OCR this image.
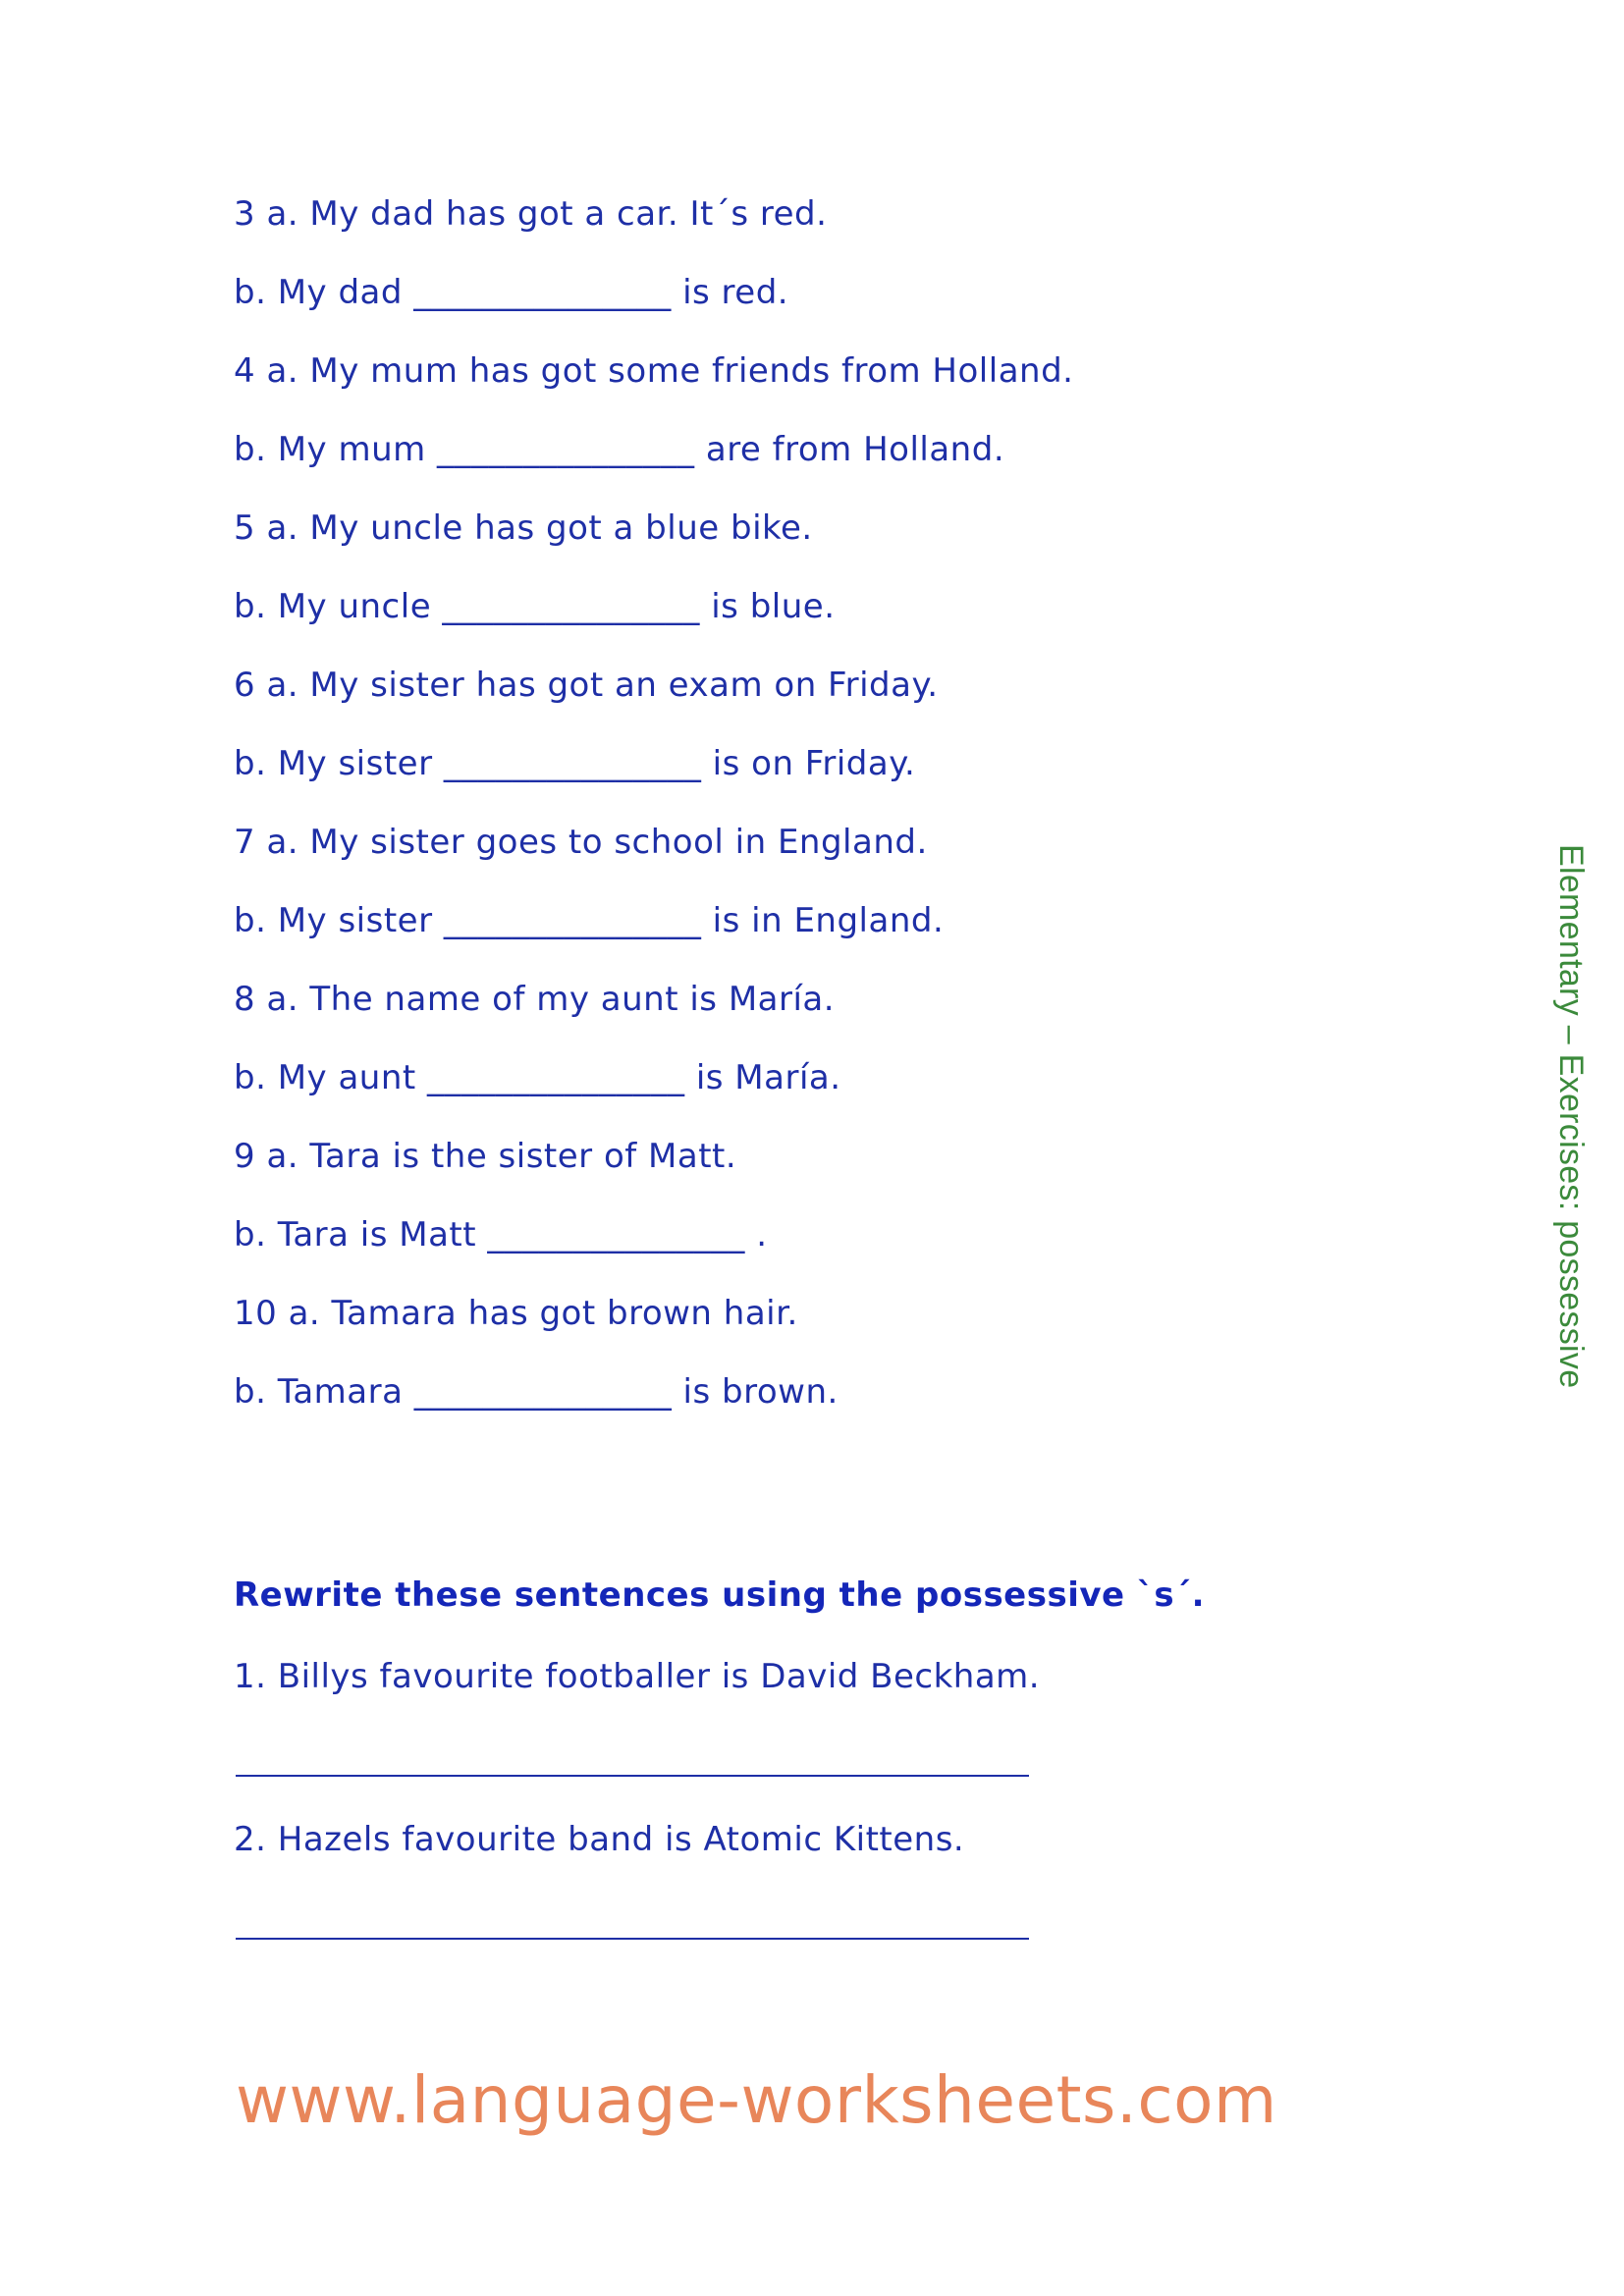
3 a. My dad has got a car. It´s red.

b. My dad _______________ is red.

4 a. My mum has got some friends from Holland.

b. My mum _______________ are from Holland.

5 a. My uncle has got a blue bike.

b. My uncle _______________ is blue.

6 a. My sister has got an exam on Friday.

b. My sister _______________ is on Friday.

7 a. My sister goes to school in England.

b. My sister _______________ is in England.

8 a. The name of my aunt is María.

b. My aunt _______________ is María.

9 a. Tara is the sister of Matt.

b. Tara is Matt _______________ .

10 a. Tamara has got brown hair.

b. Tamara _______________ is brown.

Rewrite these sentences using the possessive `s´.

1. Billys favourite footballer is David Beckham.

2. Hazels favourite band is Atomic Kittens.

Elementary – Exercises: possessive
www.language-worksheets.com
